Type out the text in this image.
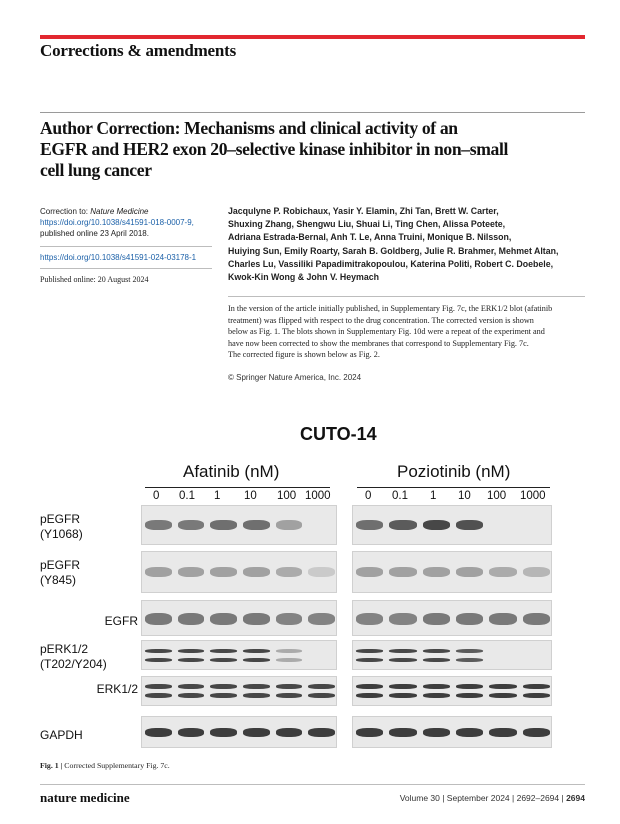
Corrections & amendments
Author Correction: Mechanisms and clinical activity of an
EGFR and HER2 exon 20–selective kinase inhibitor in non–small
cell lung cancer
Correction to: Nature Medicine
https://doi.org/10.1038/s41591-018-0007-9,
published online 23 April 2018.
https://doi.org/10.1038/s41591-024-03178-1
Published online: 20 August 2024
Jacqulyne P. Robichaux, Yasir Y. Elamin, Zhi Tan, Brett W. Carter,
Shuxing Zhang, Shengwu Liu, Shuai Li, Ting Chen, Alissa Poteete,
Adriana Estrada-Bernal, Anh T. Le, Anna Truini, Monique B. Nilsson,
Huiying Sun, Emily Roarty, Sarah B. Goldberg, Julie R. Brahmer, Mehmet Altan,
Charles Lu, Vassiliki Papadimitrakopoulou, Katerina Politi, Robert C. Doebele,
Kwok-Kin Wong & John V. Heymach
In the version of the article initially published, in Supplementary Fig. 7c, the ERK1/2 blot (afatinib
treatment) was flipped with respect to the drug concentration. The corrected version is shown
below as Fig. 1. The blots shown in Supplementary Fig. 10d were a repeat of the experiment and
have now been corrected to show the membranes that correspond to Supplementary Fig. 7c.
The corrected figure is shown below as Fig. 2.
© Springer Nature America, Inc. 2024
CUTO-14
Afatinib (nM)	Poziotinib (nM)
0 0.1 1 10 100 1000	0 0.1 1 10 100 1000
pEGFR
(Y1068)
pEGFR
(Y845)
EGFR
pERK1/2
(T202/Y204)
ERK1/2
GAPDH
Fig. 1 | Corrected Supplementary Fig. 7c.
nature medicine	Volume 30 | September 2024 | 2692–2694 | 2694
